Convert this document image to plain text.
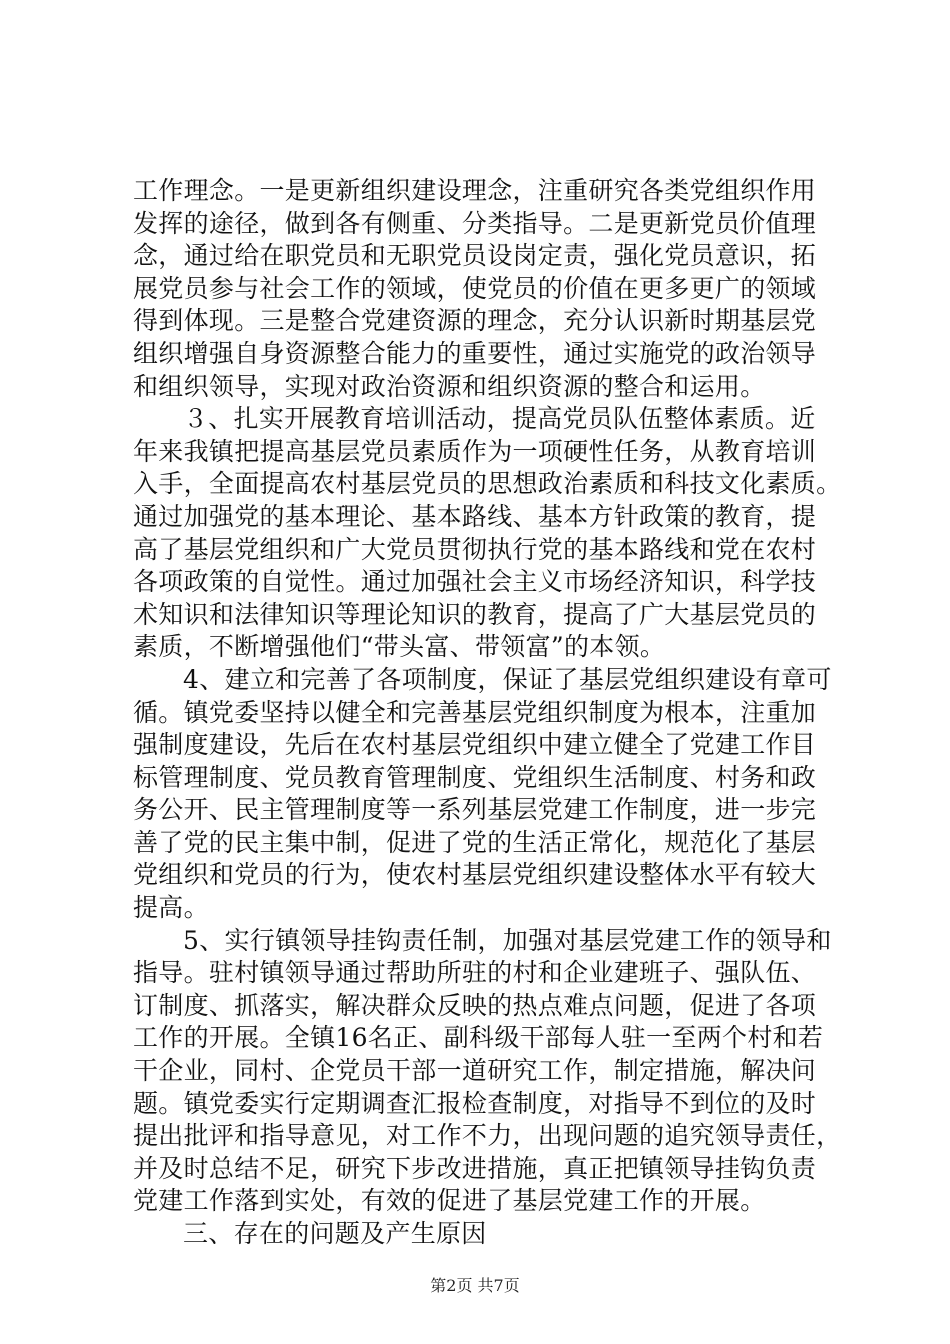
工作理念。一是更新组织建设理念，注重研究各类党组织作用
发挥的途径，做到各有侧重、分类指导。二是更新党员价值理
念，通过给在职党员和无职党员设岗定责，强化党员意识，拓
展党员参与社会工作的领域，使党员的价值在更多更广的领域
得到体现。三是整合党建资源的理念，充分认识新时期基层党
组织增强自身资源整合能力的重要性，通过实施党的政治领导
和组织领导，实现对政治资源和组织资源的整合和运用。
３、扎实开展教育培训活动，提高党员队伍整体素质。近
年来我镇把提高基层党员素质作为一项硬性任务，从教育培训
入手，全面提高农村基层党员的思想政治素质和科技文化素质。
通过加强党的基本理论、基本路线、基本方针政策的教育，提
高了基层党组织和广大党员贯彻执行党的基本路线和党在农村
各项政策的自觉性。通过加强社会主义市场经济知识，科学技
术知识和法律知识等理论知识的教育，提高了广大基层党员的
素质，不断增强他们“带头富、带领富”的本领。
4、建立和完善了各项制度，保证了基层党组织建设有章可
循。镇党委坚持以健全和完善基层党组织制度为根本，注重加
强制度建设，先后在农村基层党组织中建立健全了党建工作目
标管理制度、党员教育管理制度、党组织生活制度、村务和政
务公开、民主管理制度等一系列基层党建工作制度，进一步完
善了党的民主集中制，促进了党的生活正常化，规范化了基层
党组织和党员的行为，使农村基层党组织建设整体水平有较大
提高。
5、实行镇领导挂钩责任制，加强对基层党建工作的领导和
指导。驻村镇领导通过帮助所驻的村和企业建班子、强队伍、
订制度、抓落实，解决群众反映的热点难点问题，促进了各项
工作的开展。全镇16名正、副科级干部每人驻一至两个村和若
干企业，同村、企党员干部一道研究工作，制定措施，解决问
题。镇党委实行定期调查汇报检查制度，对指导不到位的及时
提出批评和指导意见，对工作不力，出现问题的追究领导责任，
并及时总结不足，研究下步改进措施，真正把镇领导挂钩负责
党建工作落到实处，有效的促进了基层党建工作的开展。
三、存在的问题及产生原因
第2页 共7页
